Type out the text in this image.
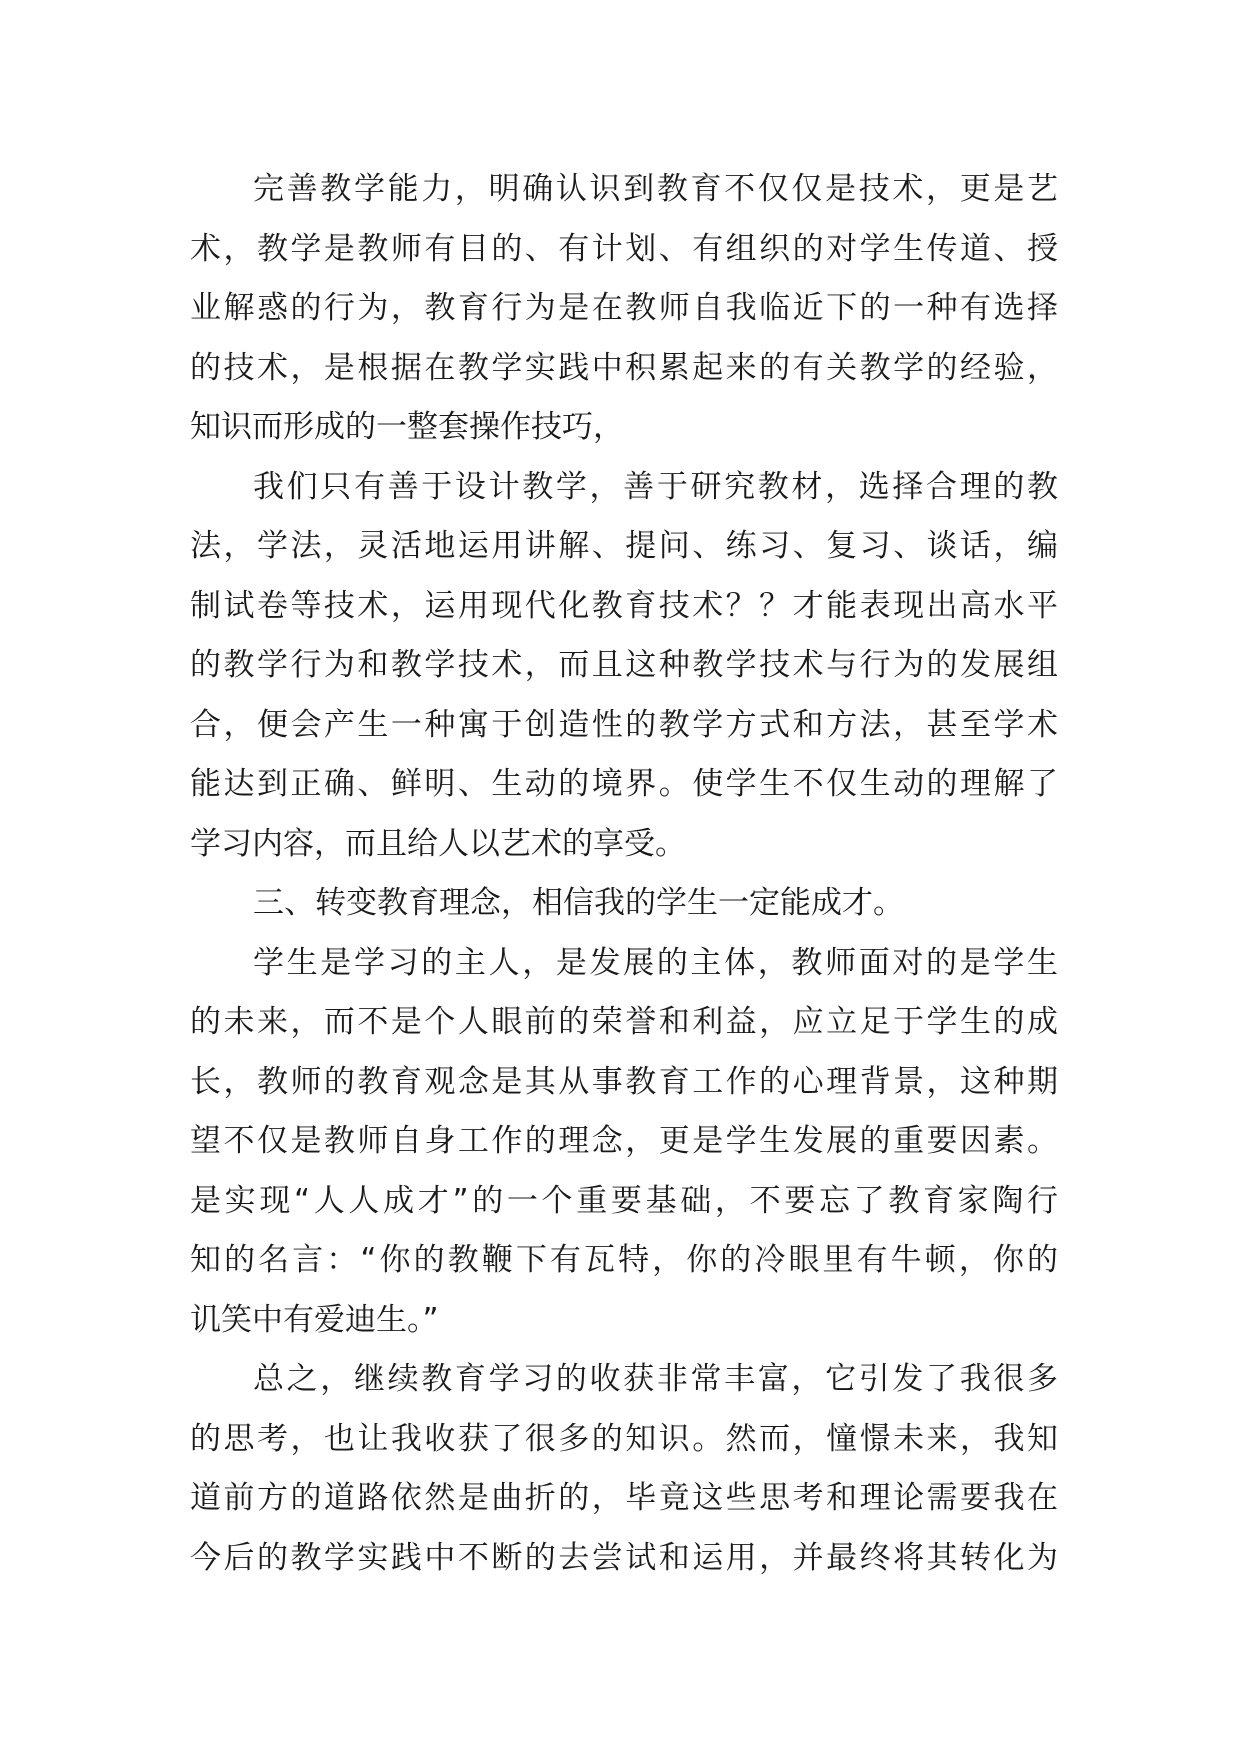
完善教学能力，明确认识到教育不仅仅是技术，更是艺
术，教学是教师有目的、有计划、有组织的对学生传道、授
业解惑的行为，教育行为是在教师自我临近下的一种有选择
的技术，是根据在教学实践中积累起来的有关教学的经验，
知识而形成的一整套操作技巧，
我们只有善于设计教学，善于研究教材，选择合理的教
法，学法，灵活地运用讲解、提问、练习、复习、谈话，编
制试卷等技术，运用现代化教育技术？？才能表现出高水平
的教学行为和教学技术，而且这种教学技术与行为的发展组
合，便会产生一种寓于创造性的教学方式和方法，甚至学术
能达到正确、鲜明、生动的境界。使学生不仅生动的理解了
学习内容，而且给人以艺术的享受。
三、转变教育理念，相信我的学生一定能成才。
学生是学习的主人，是发展的主体，教师面对的是学生
的未来，而不是个人眼前的荣誉和利益，应立足于学生的成
长，教师的教育观念是其从事教育工作的心理背景，这种期
望不仅是教师自身工作的理念，更是学生发展的重要因素。
是实现“人人成才”的一个重要基础，不要忘了教育家陶行
知的名言：“你的教鞭下有瓦特，你的冷眼里有牛顿，你的
讥笑中有爱迪生。”
总之，继续教育学习的收获非常丰富，它引发了我很多
的思考，也让我收获了很多的知识。然而，憧憬未来，我知
道前方的道路依然是曲折的，毕竟这些思考和理论需要我在
今后的教学实践中不断的去尝试和运用，并最终将其转化为
